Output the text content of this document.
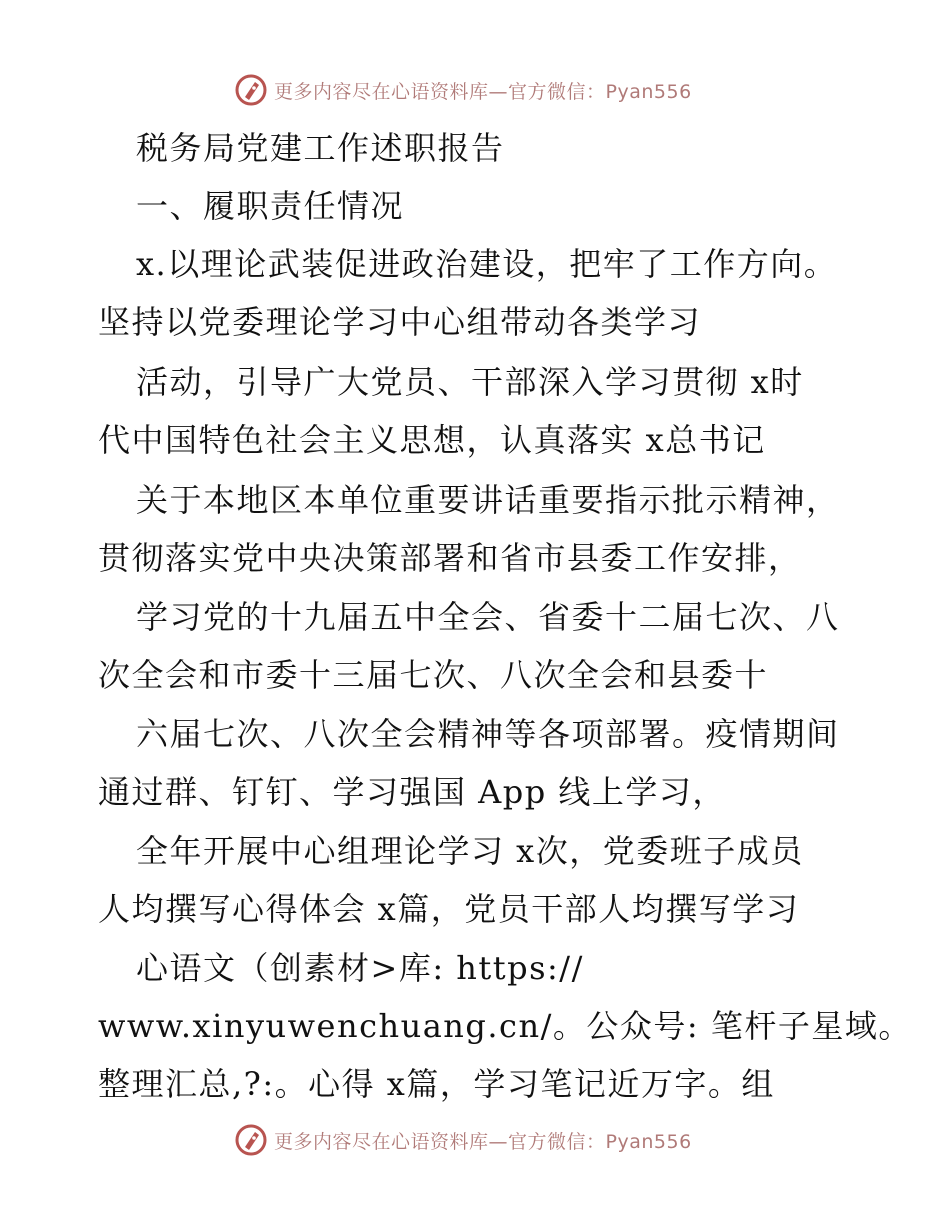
更多内容尽在心语资料库—官方微信：Pyan556
税务局党建工作述职报告
一、履职责任情况
x.以理论武装促进政治建设，把牢了工作方向。
坚持以党委理论学习中心组带动各类学习
活动，引导广大党员、干部深入学习贯彻 x时
代中国特色社会主义思想，认真落实 x总书记
关于本地区本单位重要讲话重要指示批示精神，
贯彻落实党中央决策部署和省市县委工作安排，
学习党的十九届五中全会、省委十二届七次、八
次全会和市委十三届七次、八次全会和县委十
六届七次、八次全会精神等各项部署。疫情期间
通过群、钉钉、学习强国 App 线上学习，
全年开展中心组理论学习 x次，党委班子成员
人均撰写心得体会 x篇，党员干部人均撰写学习
心语文（创素材>库: https://
www.xinyuwenchuang.cn/。公众号: 笔杆子星域。
整理汇总,?:。心得 x篇，学习笔记近万字。组
更多内容尽在心语资料库—官方微信：Pyan556
